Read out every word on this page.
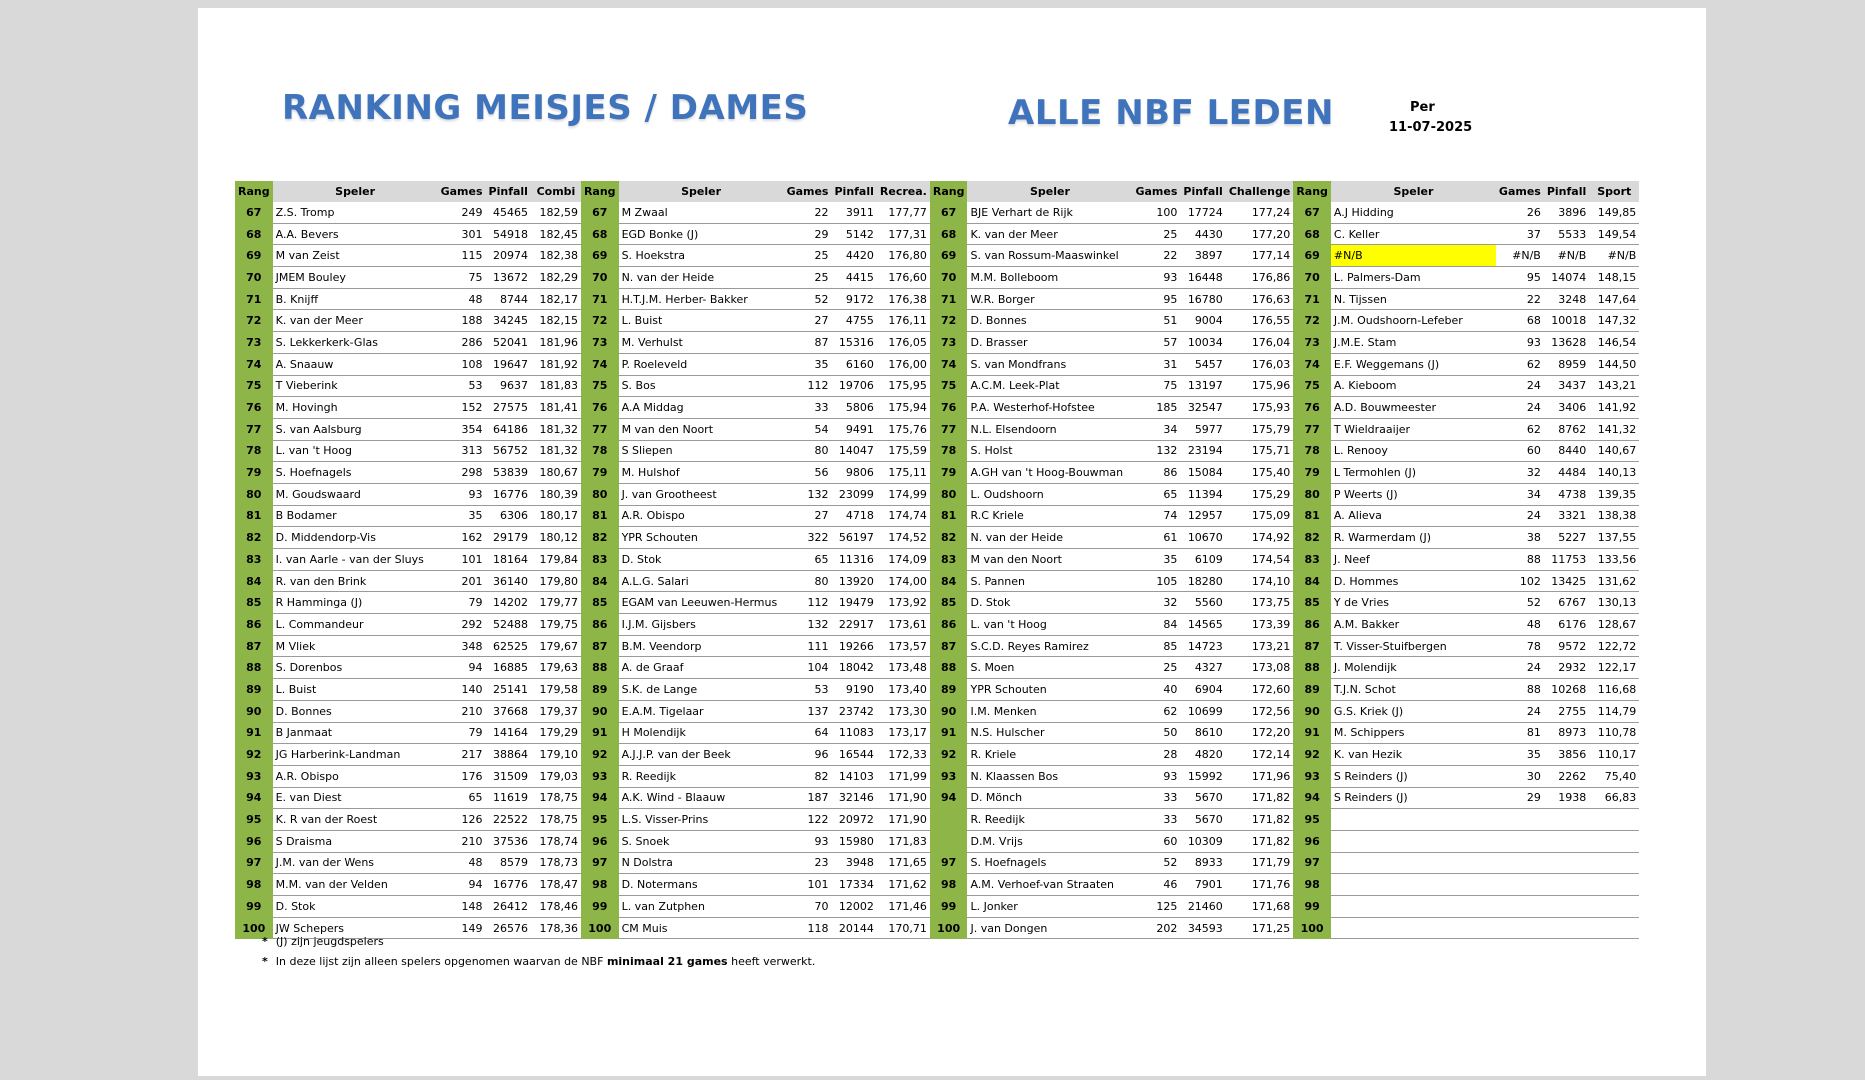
RANKING MEISJES / DAMES	ALLE NBF LEDEN	Per
11-07-2025
Rang	Speler	Games	Pinfall	Combi
67	Z.S. Tromp	249	45465	182,59
68	A.A. Bevers	301	54918	182,45
69	M van Zeist	115	20974	182,38
70	JMEM Bouley	75	13672	182,29
71	B. Knijff	48	8744	182,17
72	K. van der Meer	188	34245	182,15
73	S. Lekkerkerk-Glas	286	52041	181,96
74	A. Snaauw	108	19647	181,92
75	T Vieberink	53	9637	181,83
76	M. Hovingh	152	27575	181,41
77	S. van Aalsburg	354	64186	181,32
78	L. van 't Hoog	313	56752	181,32
79	S. Hoefnagels	298	53839	180,67
80	M. Goudswaard	93	16776	180,39
81	B Bodamer	35	6306	180,17
82	D. Middendorp-Vis	162	29179	180,12
83	I. van Aarle - van der Sluys	101	18164	179,84
84	R. van den Brink	201	36140	179,80
85	R Hamminga (J)	79	14202	179,77
86	L. Commandeur	292	52488	179,75
87	M Vliek	348	62525	179,67
88	S. Dorenbos	94	16885	179,63
89	L. Buist	140	25141	179,58
90	D. Bonnes	210	37668	179,37
91	B Janmaat	79	14164	179,29
92	JG Harberink-Landman	217	38864	179,10
93	A.R. Obispo	176	31509	179,03
94	E. van Diest	65	11619	178,75
95	K. R van der Roest	126	22522	178,75
96	S Draisma	210	37536	178,74
97	J.M. van der Wens	48	8579	178,73
98	M.M. van der Velden	94	16776	178,47
99	D. Stok	148	26412	178,46
100	JW Schepers	149	26576	178,36
Rang	Speler	Games	Pinfall	Recrea.
67	M Zwaal	22	3911	177,77
68	EGD Bonke (J)	29	5142	177,31
69	S. Hoekstra	25	4420	176,80
70	N. van der Heide	25	4415	176,60
71	H.T.J.M. Herber- Bakker	52	9172	176,38
72	L. Buist	27	4755	176,11
73	M. Verhulst	87	15316	176,05
74	P. Roeleveld	35	6160	176,00
75	S. Bos	112	19706	175,95
76	A.A Middag	33	5806	175,94
77	M van den Noort	54	9491	175,76
78	S Sliepen	80	14047	175,59
79	M. Hulshof	56	9806	175,11
80	J. van Grootheest	132	23099	174,99
81	A.R. Obispo	27	4718	174,74
82	YPR Schouten	322	56197	174,52
83	D. Stok	65	11316	174,09
84	A.L.G. Salari	80	13920	174,00
85	EGAM van Leeuwen-Hermus	112	19479	173,92
86	I.J.M. Gijsbers	132	22917	173,61
87	B.M. Veendorp	111	19266	173,57
88	A. de Graaf	104	18042	173,48
89	S.K. de Lange	53	9190	173,40
90	E.A.M. Tigelaar	137	23742	173,30
91	H Molendijk	64	11083	173,17
92	A.J.J.P. van der Beek	96	16544	172,33
93	R. Reedijk	82	14103	171,99
94	A.K. Wind - Blaauw	187	32146	171,90
95	L.S. Visser-Prins	122	20972	171,90
96	S. Snoek	93	15980	171,83
97	N Dolstra	23	3948	171,65
98	D. Notermans	101	17334	171,62
99	L. van Zutphen	70	12002	171,46
100	CM Muis	118	20144	170,71
Rang	Speler	Games	Pinfall	Challenge
67	BJE Verhart de Rijk	100	17724	177,24
68	K. van der Meer	25	4430	177,20
69	S. van Rossum-Maaswinkel	22	3897	177,14
70	M.M. Bolleboom	93	16448	176,86
71	W.R. Borger	95	16780	176,63
72	D. Bonnes	51	9004	176,55
73	D. Brasser	57	10034	176,04
74	S. van Mondfrans	31	5457	176,03
75	A.C.M. Leek-Plat	75	13197	175,96
76	P.A. Westerhof-Hofstee	185	32547	175,93
77	N.L. Elsendoorn	34	5977	175,79
78	S. Holst	132	23194	175,71
79	A.GH van 't Hoog-Bouwman	86	15084	175,40
80	L. Oudshoorn	65	11394	175,29
81	R.C Kriele	74	12957	175,09
82	N. van der Heide	61	10670	174,92
83	M van den Noort	35	6109	174,54
84	S. Pannen	105	18280	174,10
85	D. Stok	32	5560	173,75
86	L. van 't Hoog	84	14565	173,39
87	S.C.D. Reyes Ramirez	85	14723	173,21
88	S. Moen	25	4327	173,08
89	YPR Schouten	40	6904	172,60
90	I.M. Menken	62	10699	172,56
91	N.S. Hulscher	50	8610	172,20
92	R. Kriele	28	4820	172,14
93	N. Klaassen Bos	93	15992	171,96
94	D. Mönch	33	5670	171,82
	R. Reedijk	33	5670	171,82
	D.M. Vrijs	60	10309	171,82
97	S. Hoefnagels	52	8933	171,79
98	A.M. Verhoef-van Straaten	46	7901	171,76
99	L. Jonker	125	21460	171,68
100	J. van Dongen	202	34593	171,25
Rang	Speler	Games	Pinfall	Sport
67	A.J Hidding	26	3896	149,85
68	C. Keller	37	5533	149,54
69	#N/B	#N/B	#N/B	#N/B
70	L. Palmers-Dam	95	14074	148,15
71	N. Tijssen	22	3248	147,64
72	J.M. Oudshoorn-Lefeber	68	10018	147,32
73	J.M.E. Stam	93	13628	146,54
74	E.F. Weggemans (J)	62	8959	144,50
75	A. Kieboom	24	3437	143,21
76	A.D. Bouwmeester	24	3406	141,92
77	T Wieldraaijer	62	8762	141,32
78	L. Renooy	60	8440	140,67
79	L Termohlen (J)	32	4484	140,13
80	P Weerts (J)	34	4738	139,35
81	A. Alieva	24	3321	138,38
82	R. Warmerdam (J)	38	5227	137,55
83	J. Neef	88	11753	133,56
84	D. Hommes	102	13425	131,62
85	Y de Vries	52	6767	130,13
86	A.M. Bakker	48	6176	128,67
87	T. Visser-Stuifbergen	78	9572	122,72
88	J. Molendijk	24	2932	122,17
89	T.J.N. Schot	88	10268	116,68
90	G.S. Kriek (J)	24	2755	114,79
91	M. Schippers	81	8973	110,78
92	K. van Hezik	35	3856	110,17
93	S Reinders (J)	30	2262	75,40
94	S Reinders (J)	29	1938	66,83
95				
96				
97				
98				
99				
100				
* (J) zijn jeugdspelers
* In deze lijst zijn alleen spelers opgenomen waarvan de NBF minimaal 21 games heeft verwerkt.
